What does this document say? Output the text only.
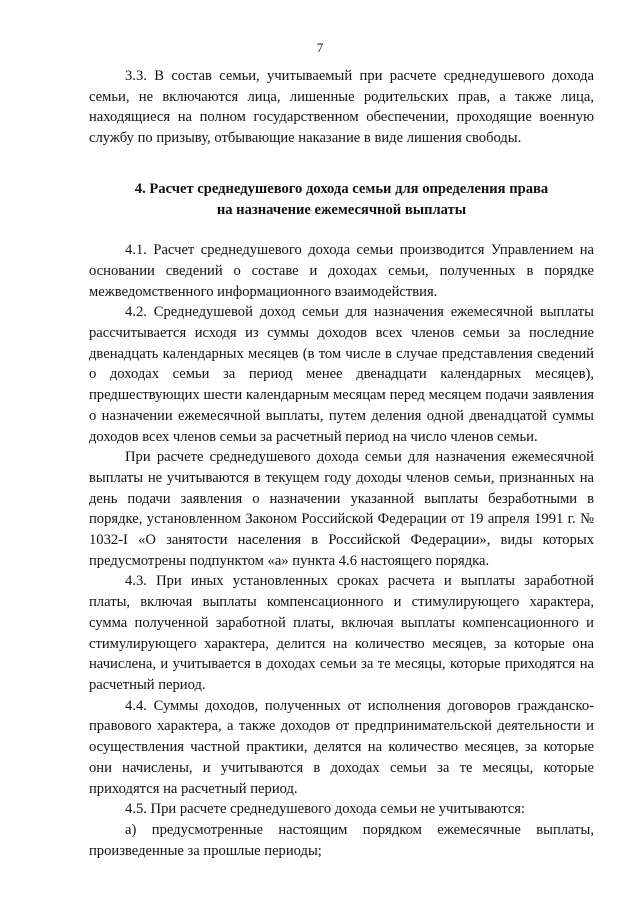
7

3.3. В состав семьи, учитываемый при расчете среднедушевого дохода семьи, не включаются лица, лишенные родительских прав, а также лица, находящиеся на полном государственном обеспечении, проходящие военную службу по призыву, отбывающие наказание в виде лишения свободы.

4. Расчет среднедушевого дохода семьи для определения права
на назначение ежемесячной выплаты

4.1. Расчет среднедушевого дохода семьи производится Управлением на основании сведений о составе и доходах семьи, полученных в порядке межведомственного информационного взаимодействия.

4.2. Среднедушевой доход семьи для назначения ежемесячной выплаты рассчитывается исходя из суммы доходов всех членов семьи за последние двенадцать календарных месяцев (в том числе в случае представления сведений о доходах семьи за период менее двенадцати календарных месяцев), предшествующих шести календарным месяцам перед месяцем подачи заявления о назначении ежемесячной выплаты, путем деления одной двенадцатой суммы доходов всех членов семьи за расчетный период на число членов семьи.

При расчете среднедушевого дохода семьи для назначения ежемесячной выплаты не учитываются в текущем году доходы членов семьи, признанных на день подачи заявления о назначении указанной выплаты безработными в порядке, установленном Законом Российской Федерации от 19 апреля 1991 г. № 1032-I «О занятости населения в Российской Федерации», виды которых предусмотрены подпунктом «а» пункта 4.6 настоящего порядка.

4.3. При иных установленных сроках расчета и выплаты заработной платы, включая выплаты компенсационного и стимулирующего характера, сумма полученной заработной платы, включая выплаты компенсационного и стимулирующего характера, делится на количество месяцев, за которые она начислена, и учитывается в доходах семьи за те месяцы, которые приходятся на расчетный период.

4.4. Суммы доходов, полученных от исполнения договоров гражданско-правового характера, а также доходов от предпринимательской деятельности и осуществления частной практики, делятся на количество месяцев, за которые они начислены, и учитываются в доходах семьи за те месяцы, которые приходятся на расчетный период.

4.5. При расчете среднедушевого дохода семьи не учитываются:

а) предусмотренные настоящим порядком ежемесячные выплаты, произведенные за прошлые периоды;
